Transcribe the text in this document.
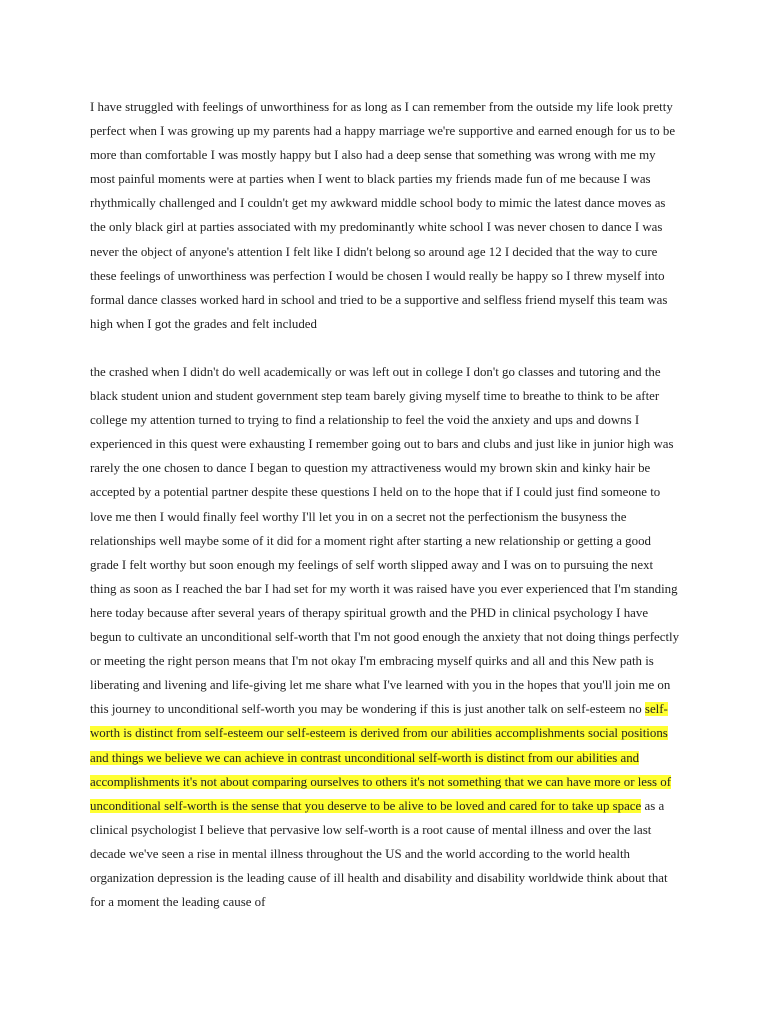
I have struggled with feelings of unworthiness for as long as I can remember from the outside my life look pretty perfect when I was growing up my parents had a happy marriage we're supportive and earned enough for us to be more than comfortable I was mostly happy but I also had a deep sense that something was wrong with me my most painful moments were at parties when I went to black parties my friends made fun of me because I was rhythmically challenged and I couldn't get my awkward middle school body to mimic the latest dance moves as the only black girl at parties associated with my predominantly white school I was never chosen to dance I was never the object of anyone's attention I felt like I didn't belong so around age 12 I decided that the way to cure these feelings of unworthiness was perfection I would be chosen I would really be happy so I threw myself into formal dance classes worked hard in school and tried to be a supportive and selfless friend myself this team was high when I got the grades and felt included

the crashed when I didn't do well academically or was left out in college I don't go classes and tutoring and the black student union and student government step team barely giving myself time to breathe to think to be after college my attention turned to trying to find a relationship to feel the void the anxiety and ups and downs I experienced in this quest were exhausting I remember going out to bars and clubs and just like in junior high was rarely the one chosen to dance I began to question my attractiveness would my brown skin and kinky hair be accepted by a potential partner despite these questions I held on to the hope that if I could just find someone to love me then I would finally feel worthy I'll let you in on a secret not the perfectionism the busyness the relationships well maybe some of it did for a moment right after starting a new relationship or getting a good grade I felt worthy but soon enough my feelings of self worth slipped away and I was on to pursuing the next thing as soon as I reached the bar I had set for my worth it was raised have you ever experienced that I'm standing here today because after several years of therapy spiritual growth and the PHD in clinical psychology I have begun to cultivate an unconditional self-worth that I'm not good enough the anxiety that not doing things perfectly or meeting the right person means that I'm not okay I'm embracing myself quirks and all and this New path is liberating and livening and life-giving let me share what I've learned with you in the hopes that you'll join me on this journey to unconditional self-worth you may be wondering if this is just another talk on self-esteem no self-worth is distinct from self-esteem our self-esteem is derived from our abilities accomplishments social positions and things we believe we can achieve in contrast unconditional self-worth is distinct from our abilities and accomplishments it's not about comparing ourselves to others it's not something that we can have more or less of unconditional self-worth is the sense that you deserve to be alive to be loved and cared for to take up space as a clinical psychologist I believe that pervasive low self-worth is a root cause of mental illness and over the last decade we've seen a rise in mental illness throughout the US and the world according to the world health organization depression is the leading cause of ill health and disability and disability worldwide think about that for a moment the leading cause of
